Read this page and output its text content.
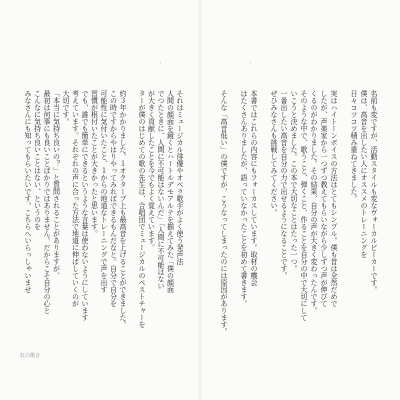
それはミュージカル俳優やオペラ歌手がよく使う発声法
人間の顔面を鏡くとハートルデモアルテを揃えてみた「僕の顔面
でつたときに、人間に不可能はないんだ」「人間に不可能はない
が大きく貢献したことを今でもよく覚えています。
ターが僕のはじめての歌の先生は、合唱団でミュージカルのペストチャーを
約３年かかりました。１オクターブ上も最高音を上げることができました。
この時ですからやはりやってみればできるもんだなと。自分で自分を
可能性に気付いたこと、１からの地道なトレーニングで声を出す
習慣が根付いたことが大きかったと思います。
でも、誰でも簡単にできるというような言葉は使わないようにしています
考えています。それぞれの声に合った方法で地道に伸ばしていくのが
大切です。
「本当に気持ち良いの？」と質問されることがありますが、
最初は何事にも良いことばかりではありません。だからこそ自分の心と
こんなに気持ち良いことはない、というのを
みなさんにも知ってもらいたいです。こちらへいらっしゃいませ	名前も変ですが、活動スタイルも変なヴォーカルピーカーです。
僕は、高音を出したい人にオススメのトレーニングを
日々コツコツ積み重ねてきました。
実はハイトーンボイスの方法はとてもシンプル。僕も昔は全然だめで
したが、声楽家から一つずつ教えてもらいながら少しずつ声が伸びて
くるのがわかりました。その結果、自分の声が大きく変わったんです。
そのような中で、歌うこと、弾くこと、作ることを自分の中で大切にして
いこうと決めました。この本で大切なことはたった一つ。
一番出したい高音を自分の力で出せるようになることです。
ぜひみなさんも挑戦してみてください。
本書ではこれらの内容にもフォーカスしています。取材の機会
はたくさんありましたが、語っていなかったことを初めて書きます。
そんな「高音低い」の僕ですが、こうなってしまったのには原因があります。
'	'
紅白歌合
